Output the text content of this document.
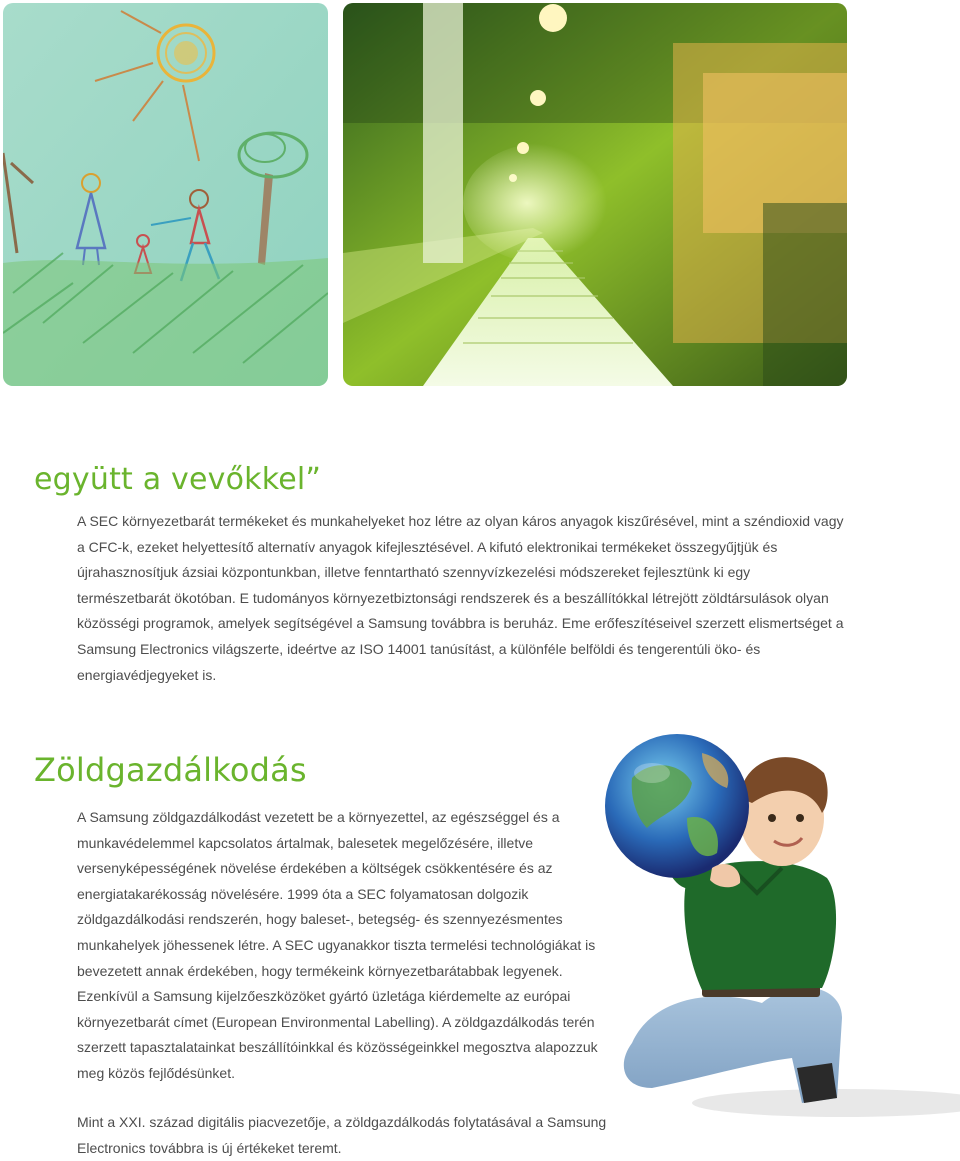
együtt a vevőkkel”

A SEC környezetbarát termékeket és munkahelyeket hoz létre az olyan káros anyagok kiszűrésével, mint a széndioxid vagy a CFC-k, ezeket helyettesítő alternatív anyagok kifejlesztésével. A kifutó elektronikai termékeket összegyűjtjük és újrahasznosítjuk ázsiai központunkban, illetve fenntartható szennyvízkezelési módszereket fejlesztünk ki egy természetbarát ökotóban. E tudományos környezetbiztonsági rendszerek és a beszállítókkal létrejött zöldtársulások olyan közösségi programok, amelyek segítségével a Samsung továbbra is beruház. Eme erőfeszítéseivel szerzett elismertséget a Samsung Electronics világszerte, ideértve az ISO 14001 tanúsítást, a különféle belföldi és tengerentúli öko- és energiavédjegyeket is.

Zöldgazdálkodás

A Samsung zöldgazdálkodást vezetett be a környezettel, az egészséggel és a munkavédelemmel kapcsolatos ártalmak, balesetek megelőzésére, illetve versenyképességének növelése érdekében a költségek csökkentésére és az energiatakarékosság növelésére. 1999 óta a SEC folyamatosan dolgozik zöldgazdálkodási rendszerén, hogy baleset-, betegség- és szennyezésmentes munkahelyek jöhessenek létre. A SEC ugyanakkor tiszta termelési technológiákat is bevezetett annak érdekében, hogy termékeink környezetbarátabbak legyenek. Ezenkívül a Samsung kijelzőeszközöket gyártó üzletága kiérdemelte az európai környezetbarát címet (European Environmental Labelling). A zöldgazdálkodás terén szerzett tapasztalatainkat beszállítóinkkal és közösségeinkkel megosztva alapozzuk meg közös fejlődésünket.

Mint a XXI. század digitális piacvezetője, a zöldgazdálkodás folytatásával a Samsung Electronics továbbra is új értékeket teremt.
